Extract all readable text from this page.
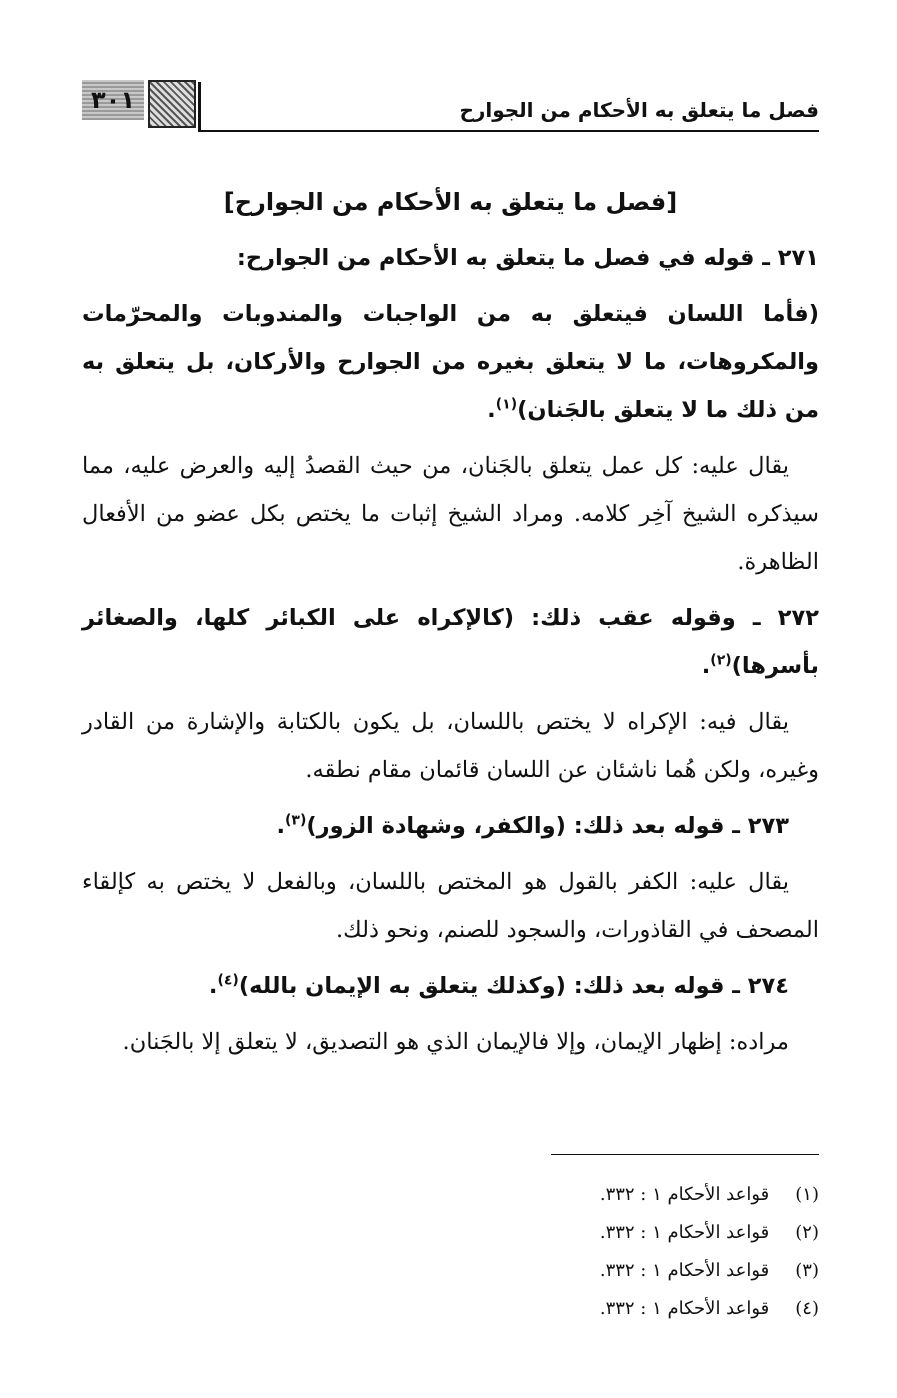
فصل ما يتعلق به الأحكام من الجوارح
٣٠١
[فصل ما يتعلق به الأحكام من الجوارح]

٢٧١ ـ قوله في فصل ما يتعلق به الأحكام من الجوارح:

(فأما اللسان فيتعلق به من الواجبات والمندوبات والمحرّمات والمكروهات، ما لا يتعلق بغيره من الجوارح والأركان، بل يتعلق به من ذلك ما لا يتعلق بالجَنان)$^{(١)}$.

يقال عليه: كل عمل يتعلق بالجَنان، من حيث القصدُ إليه والعرض عليه، مما سيذكره الشيخ آخِر كلامه. ومراد الشيخ إثبات ما يختص بكل عضو من الأفعال الظاهرة.

٢٧٢ ـ وقوله عقب ذلك: (كالإكراه على الكبائر كلها، والصغائر بأسرها)$^{(٢)}$.

يقال فيه: الإكراه لا يختص باللسان، بل يكون بالكتابة والإشارة من القادر وغيره، ولكن هُما ناشئان عن اللسان قائمان مقام نطقه.

٢٧٣ ـ قوله بعد ذلك: (والكفر، وشهادة الزور)$^{(٣)}$.

يقال عليه: الكفر بالقول هو المختص باللسان، وبالفعل لا يختص به كإلقاء المصحف في القاذورات، والسجود للصنم، ونحو ذلك.

٢٧٤ ـ قوله بعد ذلك: (وكذلك يتعلق به الإيمان بالله)$^{(٤)}$.

مراده: إظهار الإيمان، وإلا فالإيمان الذي هو التصديق، لا يتعلق إلا بالجَنان.

(١) قواعد الأحكام ١ : ٣٣٢.
(٢) قواعد الأحكام ١ : ٣٣٢.
(٣) قواعد الأحكام ١ : ٣٣٢.
(٤) قواعد الأحكام ١ : ٣٣٢.
